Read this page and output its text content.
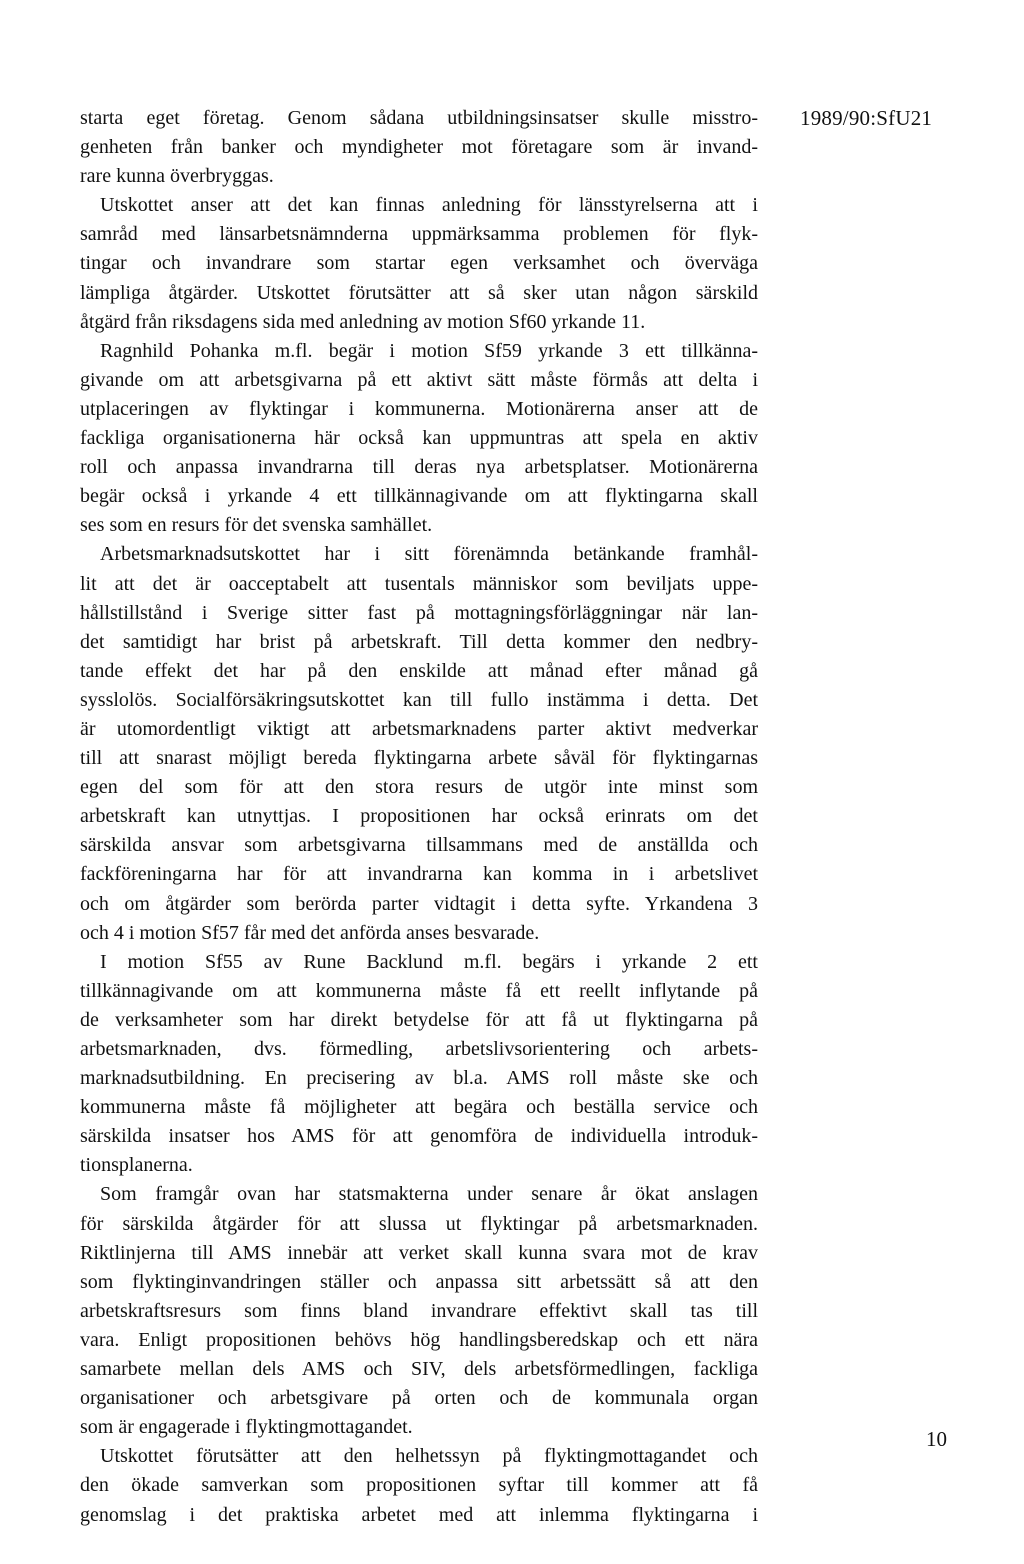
1989/90:SfU21
starta eget företag. Genom sådana utbildningsinsatser skulle misstro-
genheten från banker och myndigheter mot företagare som är invand-
rare kunna överbryggas.
Utskottet anser att det kan finnas anledning för länsstyrelserna att i
samråd med länsarbetsnämnderna uppmärksamma problemen för flyk-
tingar och invandrare som startar egen verksamhet och överväga
lämpliga åtgärder. Utskottet förutsätter att så sker utan någon särskild
åtgärd från riksdagens sida med anledning av motion Sf60 yrkande 11.
Ragnhild Pohanka m.fl. begär i motion Sf59 yrkande 3 ett tillkänna-
givande om att arbetsgivarna på ett aktivt sätt måste förmås att delta i
utplaceringen av flyktingar i kommunerna. Motionärerna anser att de
fackliga organisationerna här också kan uppmuntras att spela en aktiv
roll och anpassa invandrarna till deras nya arbetsplatser. Motionärerna
begär också i yrkande 4 ett tillkännagivande om att flyktingarna skall
ses som en resurs för det svenska samhället.
Arbetsmarknadsutskottet har i sitt förenämnda betänkande framhål-
lit att det är oacceptabelt att tusentals människor som beviljats uppe-
hållstillstånd i Sverige sitter fast på mottagningsförläggningar när lan-
det samtidigt har brist på arbetskraft. Till detta kommer den nedbry-
tande effekt det har på den enskilde att månad efter månad gå
sysslolös. Socialförsäkringsutskottet kan till fullo instämma i detta. Det
är utomordentligt viktigt att arbetsmarknadens parter aktivt medverkar
till att snarast möjligt bereda flyktingarna arbete såväl för flyktingarnas
egen del som för att den stora resurs de utgör inte minst som
arbetskraft kan utnyttjas. I propositionen har också erinrats om det
särskilda ansvar som arbetsgivarna tillsammans med de anställda och
fackföreningarna har för att invandrarna kan komma in i arbetslivet
och om åtgärder som berörda parter vidtagit i detta syfte. Yrkandena 3
och 4 i motion Sf57 får med det anförda anses besvarade.
I motion Sf55 av Rune Backlund m.fl. begärs i yrkande 2 ett
tillkännagivande om att kommunerna måste få ett reellt inflytande på
de verksamheter som har direkt betydelse för att få ut flyktingarna på
arbetsmarknaden, dvs. förmedling, arbetslivsorientering och arbets-
marknadsutbildning. En precisering av bl.a. AMS roll måste ske och
kommunerna måste få möjligheter att begära och beställa service och
särskilda insatser hos AMS för att genomföra de individuella introduk-
tionsplanerna.
Som framgår ovan har statsmakterna under senare år ökat anslagen
för särskilda åtgärder för att slussa ut flyktingar på arbetsmarknaden.
Riktlinjerna till AMS innebär att verket skall kunna svara mot de krav
som flyktinginvandringen ställer och anpassa sitt arbetssätt så att den
arbetskraftsresurs som finns bland invandrare effektivt skall tas till
vara. Enligt propositionen behövs hög handlingsberedskap och ett nära
samarbete mellan dels AMS och SIV, dels arbetsförmedlingen, fackliga
organisationer och arbetsgivare på orten och de kommunala organ
som är engagerade i flyktingmottagandet.
Utskottet förutsätter att den helhetssyn på flyktingmottagandet och
den ökade samverkan som propositionen syftar till kommer att få
genomslag i det praktiska arbetet med att inlemma flyktingarna i
10
